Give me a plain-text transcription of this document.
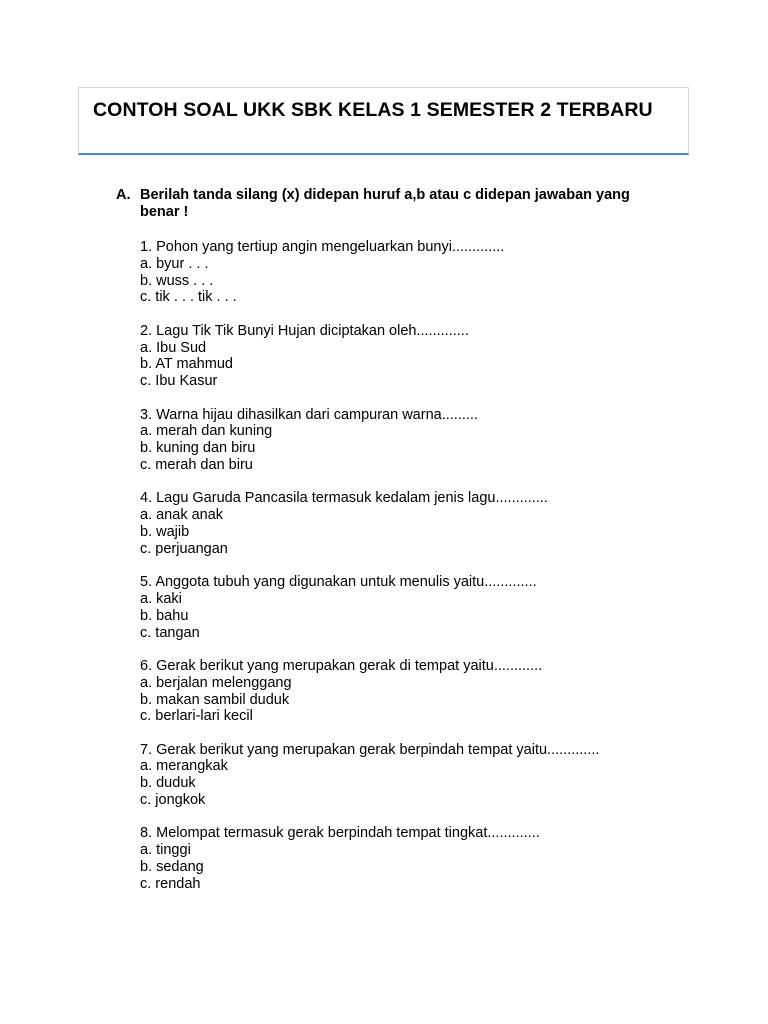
CONTOH SOAL UKK SBK KELAS 1 SEMESTER 2 TERBARU
A. Berilah tanda silang (x) didepan huruf a,b atau c didepan jawaban yang benar !
1. Pohon yang tertiup angin mengeluarkan bunyi.............
a. byur . . .
b. wuss . . .
c. tik . . . tik . . .
2. Lagu Tik Tik Bunyi Hujan diciptakan oleh.............
a. Ibu Sud
b. AT mahmud
c. Ibu Kasur
3. Warna hijau dihasilkan dari campuran warna.........
a. merah dan kuning
b. kuning dan biru
c. merah dan biru
4. Lagu Garuda Pancasila termasuk kedalam jenis lagu.............
a. anak anak
b. wajib
c. perjuangan
5. Anggota tubuh yang digunakan untuk menulis yaitu.............
a. kaki
b. bahu
c. tangan
6. Gerak berikut yang merupakan gerak di tempat yaitu............
a. berjalan melenggang
b. makan sambil duduk
c. berlari-lari kecil
7. Gerak berikut yang merupakan gerak berpindah tempat yaitu.............
a. merangkak
b. duduk
c. jongkok
8. Melompat termasuk gerak berpindah tempat tingkat.............
a. tinggi
b. sedang
c. rendah
